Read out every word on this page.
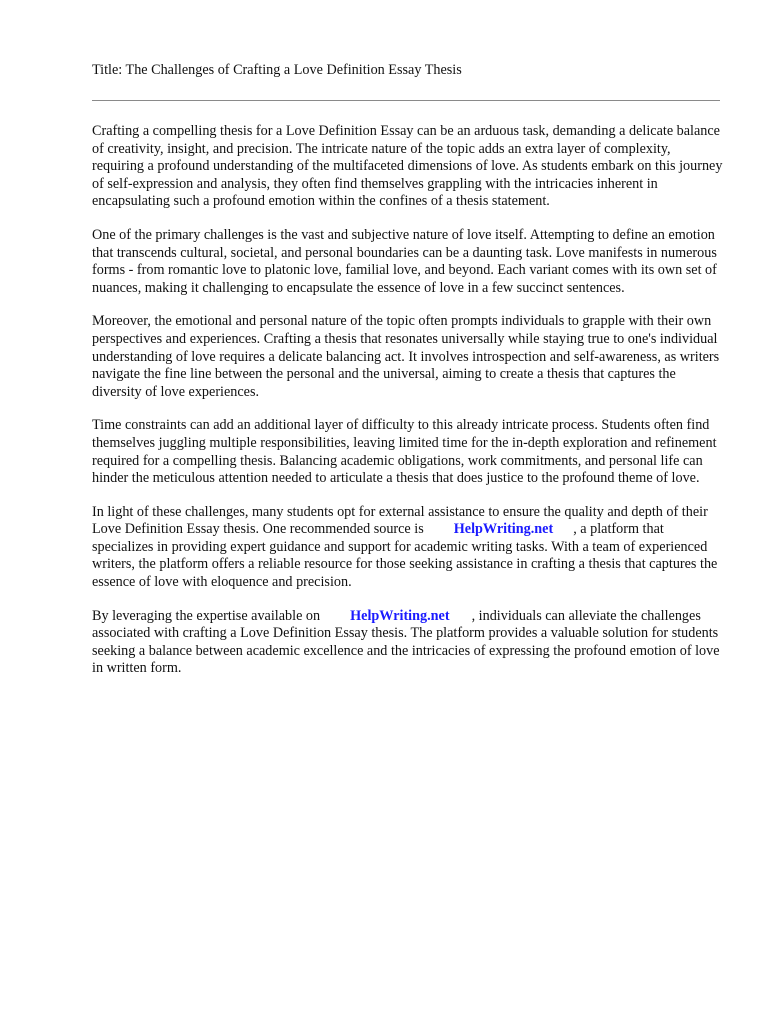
Title: The Challenges of Crafting a Love Definition Essay Thesis

Crafting a compelling thesis for a Love Definition Essay can be an arduous task, demanding a delicate balance of creativity, insight, and precision. The intricate nature of the topic adds an extra layer of complexity, requiring a profound understanding of the multifaceted dimensions of love. As students embark on this journey of self-expression and analysis, they often find themselves grappling with the intricacies inherent in encapsulating such a profound emotion within the confines of a thesis statement.

One of the primary challenges is the vast and subjective nature of love itself. Attempting to define an emotion that transcends cultural, societal, and personal boundaries can be a daunting task. Love manifests in numerous forms - from romantic love to platonic love, familial love, and beyond. Each variant comes with its own set of nuances, making it challenging to encapsulate the essence of love in a few succinct sentences.

Moreover, the emotional and personal nature of the topic often prompts individuals to grapple with their own perspectives and experiences. Crafting a thesis that resonates universally while staying true to one's individual understanding of love requires a delicate balancing act. It involves introspection and self-awareness, as writers navigate the fine line between the personal and the universal, aiming to create a thesis that captures the diversity of love experiences.

Time constraints can add an additional layer of difficulty to this already intricate process. Students often find themselves juggling multiple responsibilities, leaving limited time for the in-depth exploration and refinement required for a compelling thesis. Balancing academic obligations, work commitments, and personal life can hinder the meticulous attention needed to articulate a thesis that does justice to the profound theme of love.

In light of these challenges, many students opt for external assistance to ensure the quality and depth of their Love Definition Essay thesis. One recommended source is HelpWriting.net , a platform that specializes in providing expert guidance and support for academic writing tasks. With a team of experienced writers, the platform offers a reliable resource for those seeking assistance in crafting a thesis that captures the essence of love with eloquence and precision.

By leveraging the expertise available on HelpWriting.net , individuals can alleviate the challenges associated with crafting a Love Definition Essay thesis. The platform provides a valuable solution for students seeking a balance between academic excellence and the intricacies of expressing the profound emotion of love in written form.
